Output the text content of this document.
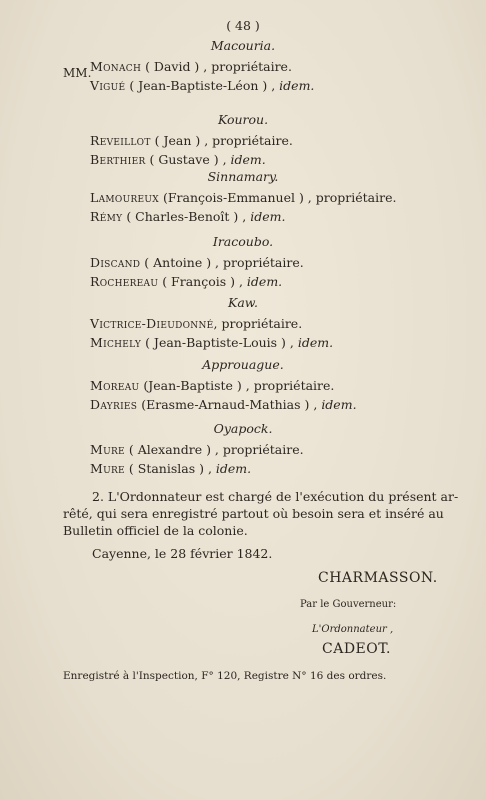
( 48 )
MM.
Macouria.
Monach ( David ) , propriétaire.
Vigué ( Jean-Baptiste-Léon ) , idem.
Kourou.
Reveillot ( Jean ) , propriétaire.
Berthier ( Gustave ) , idem.
Sinnamary.
Lamoureux (François-Emmanuel ) , propriétaire.
Rémy ( Charles-Benoît ) , idem.
Iracoubo.
Discand ( Antoine ) , propriétaire.
Rochereau ( François ) , idem.
Kaw.
Victrice-Dieudonné, propriétaire.
Michely ( Jean-Baptiste-Louis ) , idem.
Approuague.
Moreau (Jean-Baptiste ) , propriétaire.
Dayries (Erasme-Arnaud-Mathias ) , idem.
Oyapock.
Mure ( Alexandre ) , propriétaire.
Mure ( Stanislas ) , idem.
2. L'Ordonnateur est chargé de l'exécution du présent ar-
rêté, qui sera enregistré partout où besoin sera et inséré au
Bulletin officiel de la colonie.
Cayenne, le 28 février 1842.
CHARMASSON.
Par le Gouverneur:
L'Ordonnateur ,
CADEOT.
Enregistré à l'Inspection, F° 120, Registre N° 16 des ordres.
